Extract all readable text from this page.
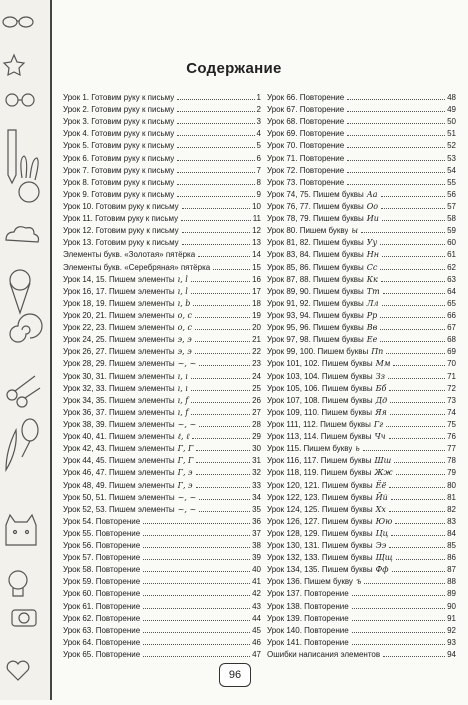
Содержание
Урок 1. Готовим руку к письму	1
Урок 2. Готовим руку к письму	2
Урок 3. Готовим руку к письму	3
Урок 4. Готовим руку к письму	4
Урок 5. Готовим руку к письму	5
Урок 6. Готовим руку к письму	6
Урок 7. Готовим руку к письму	7
Урок 8. Готовим руку к письму	8
Урок 9. Готовим руку к письму	9
Урок 10. Готовим руку к письму	10
Урок 11. Готовим руку к письму	11
Урок 12. Готовим руку к письму	12
Урок 13. Готовим руку к письму	13
Элементы букв. «Золотая» пятёрка	14
Элементы букв. «Серебряная» пятёрка	15
Урок 14, 15. Пишем элементы ı, l	16
Урок 16, 17. Пишем элементы ı, l	17
Урок 18, 19. Пишем элементы ı, b	18
Урок 20, 21. Пишем элементы o, c	19
Урок 22, 23. Пишем элементы o, c	20
Урок 24, 25. Пишем элементы э, э	21
Урок 26, 27. Пишем элементы э, э	22
Урок 28, 29. Пишем элементы ~, ~	23
Урок 30, 31. Пишем элементы ı, ı	24
Урок 32, 33. Пишем элементы ı, ı	25
Урок 34, 35. Пишем элементы ı, f	26
Урок 36, 37. Пишем элементы ı, f	27
Урок 38, 39. Пишем элементы ~, ~	28
Урок 40, 41. Пишем элементы ℓ, ℓ	29
Урок 42, 43. Пишем элементы Г, Г	30
Урок 44, 45. Пишем элементы Г, Г	31
Урок 46, 47. Пишем элементы Г, э	32
Урок 48, 49. Пишем элементы Г, э	33
Урок 50, 51. Пишем элементы ~, ~	34
Урок 52, 53. Пишем элементы ~, ~	35
Урок 54. Повторение	36
Урок 55. Повторение	37
Урок 56. Повторение	38
Урок 57. Повторение	39
Урок 58. Повторение	40
Урок 59. Повторение	41
Урок 60. Повторение	42
Урок 61. Повторение	43
Урок 62. Повторение	44
Урок 63. Повторение	45
Урок 64. Повторение	46
Урок 65. Повторение	47
Урок 66. Повторение	48
Урок 67. Повторение	49
Урок 68. Повторение	50
Урок 69. Повторение	51
Урок 70. Повторение	52
Урок 71. Повторение	53
Урок 72. Повторение	54
Урок 73. Повторение	55
Урок 74, 75. Пишем буквы Аа	56
Урок 76, 77. Пишем буквы Оо	57
Урок 78, 79. Пишем буквы Ии	58
Урок 80. Пишем букву ы	59
Урок 81, 82. Пишем буквы Уу	60
Урок 83, 84. Пишем буквы Нн	61
Урок 85, 86. Пишем буквы Сс	62
Урок 87, 88. Пишем буквы Кк	63
Урок 89, 90. Пишем буквы Тт	64
Урок 91, 92. Пишем буквы Лл	65
Урок 93, 94. Пишем буквы Рр	66
Урок 95, 96. Пишем буквы Вв	67
Урок 97, 98. Пишем буквы Ее	68
Урок 99, 100. Пишем буквы Пп	69
Урок 101, 102. Пишем буквы Мм	70
Урок 103, 104. Пишем буквы Зз	71
Урок 105, 106. Пишем буквы Бб	72
Урок 107, 108. Пишем буквы Дд	73
Урок 109, 110. Пишем буквы Яя	74
Урок 111, 112. Пишем буквы Гг	75
Урок 113, 114. Пишем буквы Чч	76
Урок 115. Пишем букву ь	77
Урок 116, 117. Пишем буквы Шш	78
Урок 118, 119. Пишем буквы Жж	79
Урок 120, 121. Пишем буквы Ёё	80
Урок 122, 123. Пишем буквы Йй	81
Урок 124, 125. Пишем буквы Хх	82
Урок 126, 127. Пишем буквы Юю	83
Урок 128, 129. Пишем буквы Цц	84
Урок 130, 131. Пишем буквы Ээ	85
Урок 132, 133. Пишем буквы Щщ	86
Урок 134, 135. Пишем буквы Фф	87
Урок 136. Пишем букву ъ	88
Урок 137. Повторение	89
Урок 138. Повторение	90
Урок 139. Повторение	91
Урок 140. Повторение	92
Урок 141. Повторение	93
Ошибки написания элементов	94
96
